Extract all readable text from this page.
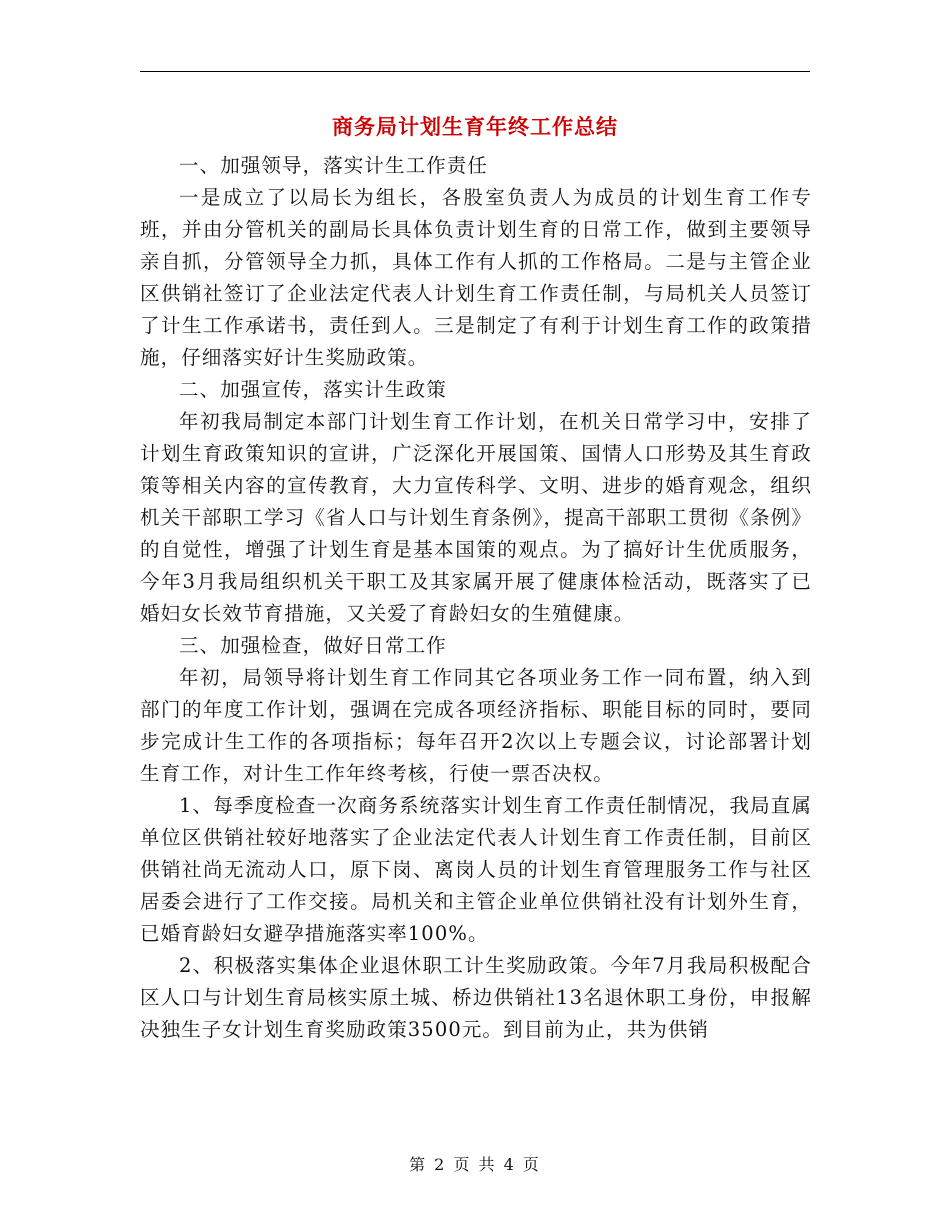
商务局计划生育年终工作总结

一、加强领导，落实计生工作责任

一是成立了以局长为组长，各股室负责人为成员的计划生育工作专班，并由分管机关的副局长具体负责计划生育的日常工作，做到主要领导亲自抓，分管领导全力抓，具体工作有人抓的工作格局。二是与主管企业区供销社签订了企业法定代表人计划生育工作责任制，与局机关人员签订了计生工作承诺书，责任到人。三是制定了有利于计划生育工作的政策措施，仔细落实好计生奖励政策。

二、加强宣传，落实计生政策

年初我局制定本部门计划生育工作计划，在机关日常学习中，安排了计划生育政策知识的宣讲，广泛深化开展国策、国情人口形势及其生育政策等相关内容的宣传教育，大力宣传科学、文明、进步的婚育观念，组织机关干部职工学习《省人口与计划生育条例》，提高干部职工贯彻《条例》的自觉性，增强了计划生育是基本国策的观点。为了搞好计生优质服务，今年3月我局组织机关干职工及其家属开展了健康体检活动，既落实了已婚妇女长效节育措施，又关爱了育龄妇女的生殖健康。

三、加强检查，做好日常工作

年初，局领导将计划生育工作同其它各项业务工作一同布置，纳入到部门的年度工作计划，强调在完成各项经济指标、职能目标的同时，要同步完成计生工作的各项指标；每年召开2次以上专题会议，讨论部署计划生育工作，对计生工作年终考核，行使一票否决权。

1、每季度检查一次商务系统落实计划生育工作责任制情况，我局直属单位区供销社较好地落实了企业法定代表人计划生育工作责任制，目前区供销社尚无流动人口，原下岗、离岗人员的计划生育管理服务工作与社区居委会进行了工作交接。局机关和主管企业单位供销社没有计划外生育，已婚育龄妇女避孕措施落实率100%。

2、积极落实集体企业退休职工计生奖励政策。今年7月我局积极配合区人口与计划生育局核实原土城、桥边供销社13名退休职工身份，申报解决独生子女计划生育奖励政策3500元。到目前为止，共为供销

第 2 页 共 4 页
